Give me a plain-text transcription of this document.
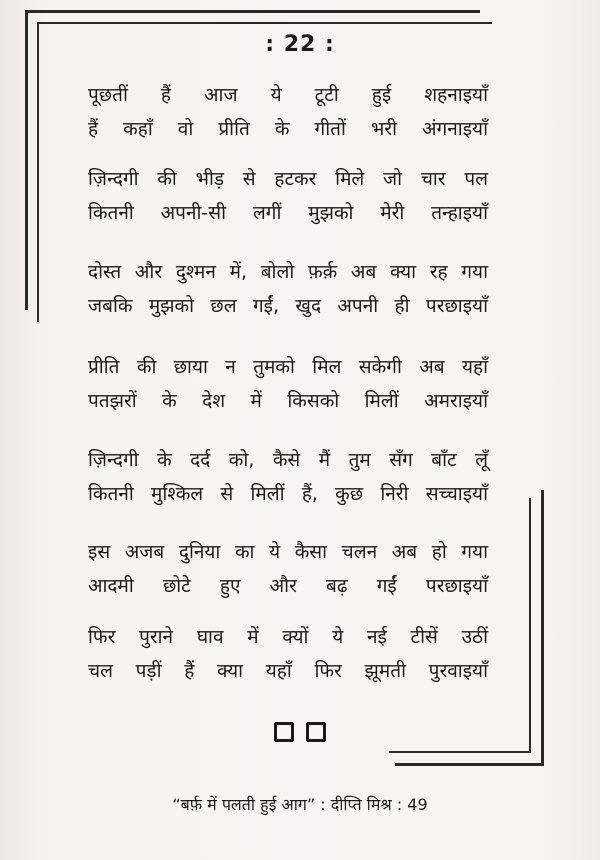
: 22 :
पूछतीं हैं आज ये टूटी हुई शहनाइयाँ
हैं कहाँ वो प्रीति के गीतों भरी अंगनाइयाँ
ज़िन्दगी की भीड़ से हटकर मिले जो चार पल
कितनी अपनी-सी लगीं मुझको मेरी तन्हाइयाँ
दोस्त और दुश्मन में, बोलो फ़र्क़ अब क्या रह गया
जबकि मुझको छल गईं, खुद अपनी ही परछाइयाँ
प्रीति की छाया न तुमको मिल सकेगी अब यहाँ
पतझरों के देश में किसको मिलीं अमराइयाँ
ज़िन्दगी के दर्द को, कैसे मैं तुम सँग बाँट लूँ
कितनी मुश्किल से मिलीं हैं, कुछ निरी सच्चाइयाँ
इस अजब दुनिया का ये कैसा चलन अब हो गया
आदमी छोटे हुए और बढ़ गईं परछाइयाँ
फिर पुराने घाव में क्यों ये नई टीसें उठीं
चल पड़ीं हैं क्या यहाँ फिर झूमती पुरवाइयाँ
“बर्फ़ में पलती हुई आग” : दीप्ति मिश्र : 49
